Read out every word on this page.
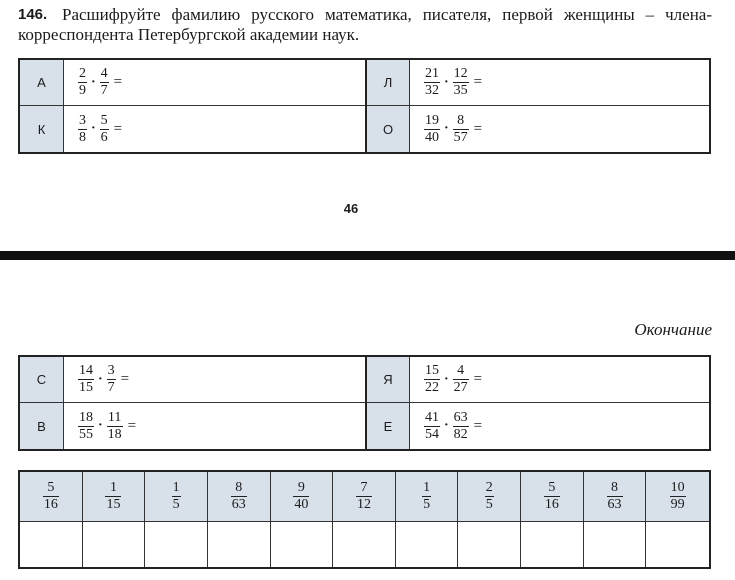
146. Расшифруйте фамилию русского математика, писателя, первой женщины – члена-
корреспондента Петербургской академии наук.
А $\frac{2}{9} \cdot \frac{4}{7}$ =	Л $\frac{21}{32} \cdot \frac{12}{35}$ =
К $\frac{3}{8} \cdot \frac{5}{6}$ =	О $\frac{19}{40} \cdot \frac{8}{57}$ =
46
Окончание
С $\frac{14}{15} \cdot \frac{3}{7}$ =	Я $\frac{15}{22} \cdot \frac{4}{27}$ =
В $\frac{18}{55} \cdot \frac{11}{18}$ =	Е $\frac{41}{54} \cdot \frac{63}{82}$ =
$\frac{5}{16}$	$\frac{1}{15}$	$\frac{1}{5}$	$\frac{8}{63}$	$\frac{9}{40}$	$\frac{7}{12}$	$\frac{1}{5}$	$\frac{2}{5}$	$\frac{5}{16}$	$\frac{8}{63}$	$\frac{10}{99}$
